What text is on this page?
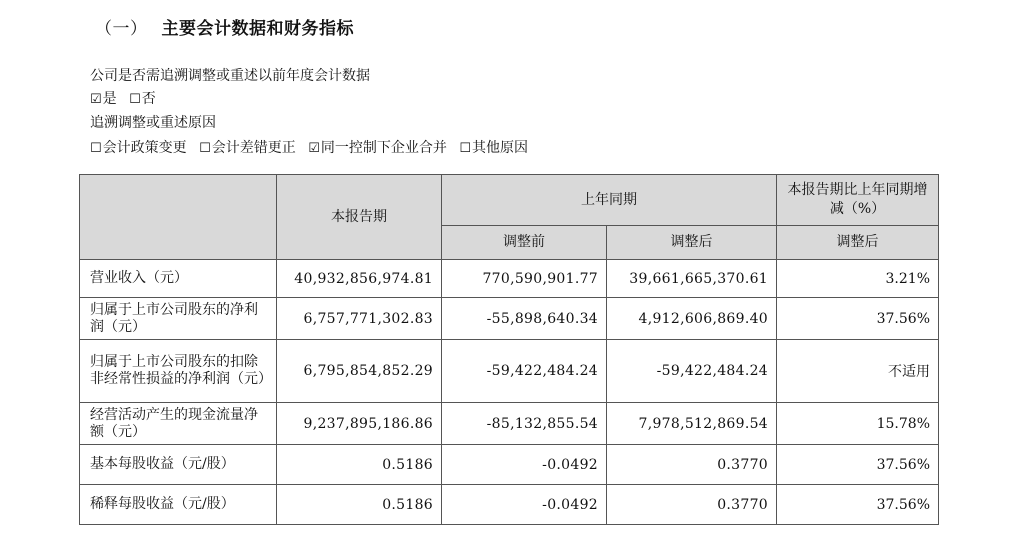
（一） 主要会计数据和财务指标
公司是否需追溯调整或重述以前年度会计数据
☑是 ☐否
追溯调整或重述原因
☐会计政策变更 ☐会计差错更正 ☑同一控制下企业合并 ☐其他原因
	本报告期	上年同期		本报告期比上年同期增减（%）
		调整前	调整后	调整后
营业收入（元）	40,932,856,974.81	770,590,901.77	39,661,665,370.61	3.21%
归属于上市公司股东的净利润（元）	6,757,771,302.83	-55,898,640.34	4,912,606,869.40	37.56%
归属于上市公司股东的扣除非经常性损益的净利润（元）	6,795,854,852.29	-59,422,484.24	-59,422,484.24	不适用
经营活动产生的现金流量净额（元）	9,237,895,186.86	-85,132,855.54	7,978,512,869.54	15.78%
基本每股收益（元/股）	0.5186	-0.0492	0.3770	37.56%
稀释每股收益（元/股）	0.5186	-0.0492	0.3770	37.56%
